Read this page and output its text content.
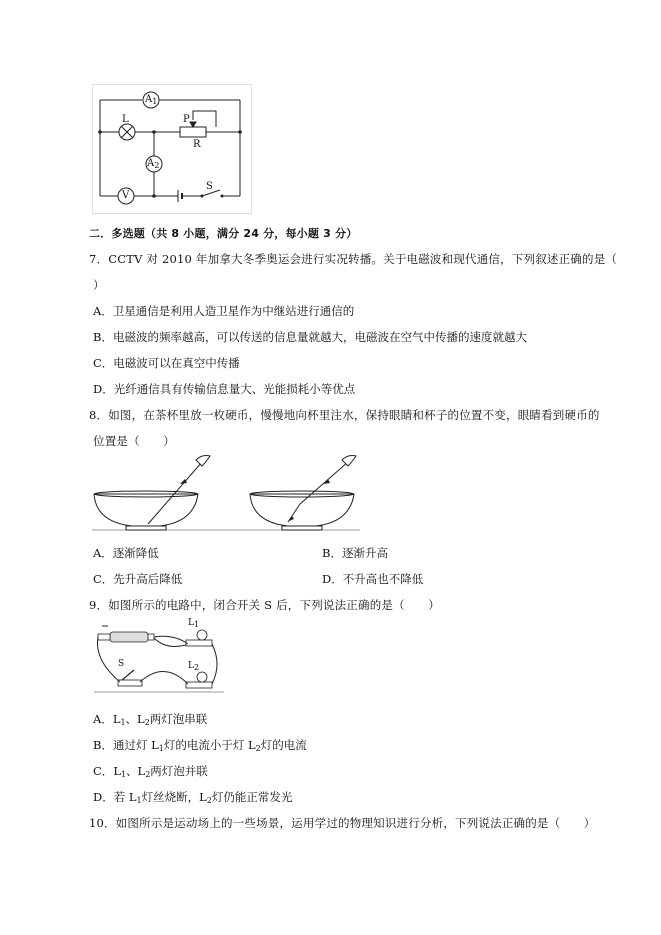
$A_1$
L	P
R
$A_2$
V
S
二．多选题（共 8 小题，满分 24 分，每小题 3 分）
7．CCTV 对 2010 年加拿大冬季奥运会进行实况转播。关于电磁波和现代通信，下列叙述正确的是（
）
A．卫星通信是利用人造卫星作为中继站进行通信的
B．电磁波的频率越高，可以传送的信息量就越大，电磁波在空气中传播的速度就越大
C．电磁波可以在真空中传播
D．光纤通信具有传输信息量大、光能损耗小等优点
8．如图，在茶杯里放一枚硬币，慢慢地向杯里注水，保持眼睛和杯子的位置不变，眼睛看到硬币的
位置是（　　）
A．逐渐降低	B．逐渐升高
C．先升高后降低	D．不升高也不降低
9．如图所示的电路中，闭合开关 S 后，下列说法正确的是（　　）
$L_1$
S	$L_2$
A．$L_1$、$L_2$两灯泡串联
B．通过灯 $L_1$灯的电流小于灯 $L_2$灯的电流
C．$L_1$、$L_2$两灯泡并联
D．若 $L_1$灯丝烧断，$L_2$灯仍能正常发光
10．如图所示是运动场上的一些场景，运用学过的物理知识进行分析，下列说法正确的是（　　）
